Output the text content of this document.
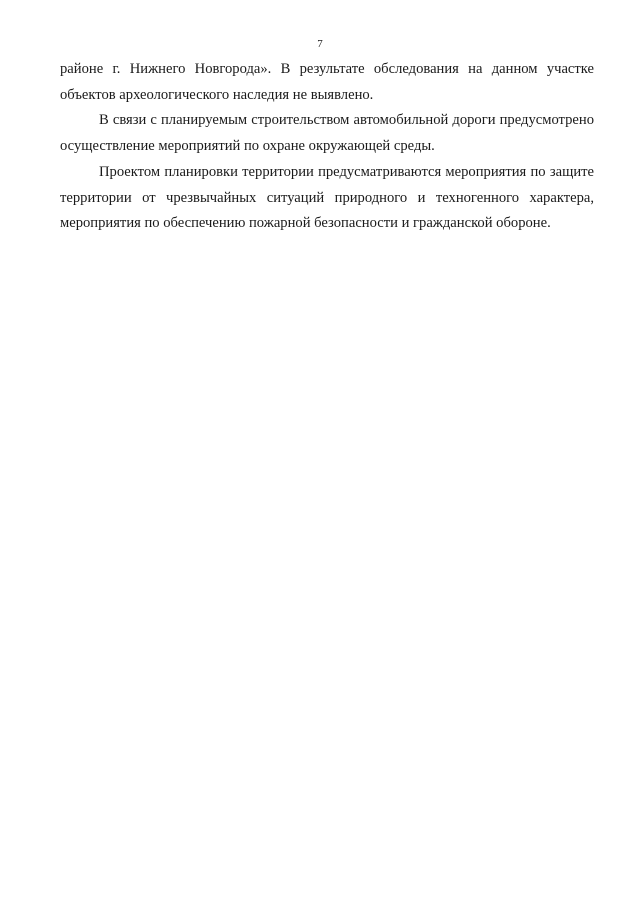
7

районе г. Нижнего Новгорода». В результате обследования на данном участке объектов археологического наследия не выявлено.

В связи с планируемым строительством автомобильной дороги предусмотрено осуществление мероприятий по охране окружающей среды.

Проектом планировки территории предусматриваются мероприятия по защите территории от чрезвычайных ситуаций природного и техногенного характера, мероприятия по обеспечению пожарной безопасности и гражданской обороне.
